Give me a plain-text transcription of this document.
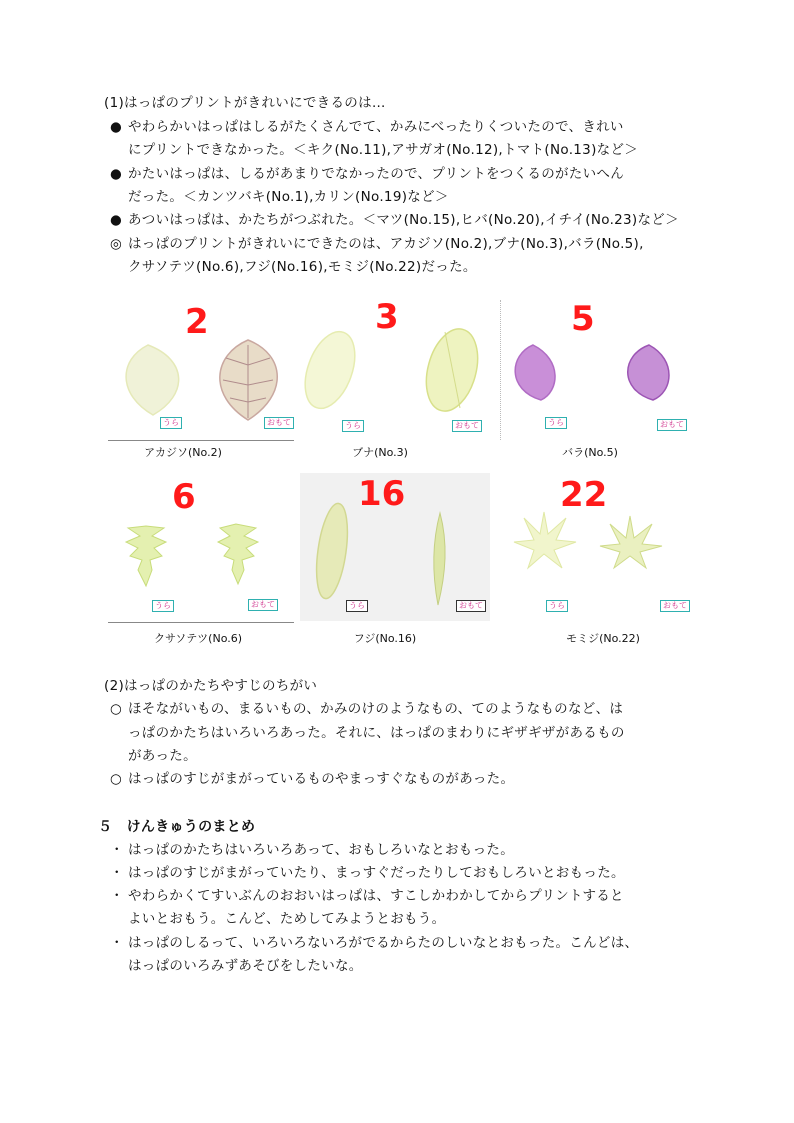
(1)はっぱのプリントがきれいにできるのは…
● やわらかいはっぱはしるがたくさんでて、かみにべったりくついたので、きれい
にプリントできなかった。＜キク(No.11),アサガオ(No.12),トマト(No.13)など＞
● かたいはっぱは、しるがあまりでなかったので、プリントをつくるのがたいへん
だった。＜カンツバキ(No.1),カリン(No.19)など＞
● あついはっぱは、かたちがつぶれた。＜マツ(No.15),ヒバ(No.20),イチイ(No.23)など＞
◎ はっぱのプリントがきれいにできたのは、アカジソ(No.2),ブナ(No.3),バラ(No.5),
クサソテツ(No.6),フジ(No.16),モミジ(No.22)だった。
2
うら	おもて
アカジソ(No.2)
3
うら	おもて
ブナ(No.3)
5
うら	おもて
バラ(No.5)
6
うら	おもて
クサソテツ(No.6)
16
うら	おもて
フジ(No.16)
22
うら	おもて
モミジ(No.22)
(2)はっぱのかたちやすじのちがい
○ ほそながいもの、まるいもの、かみのけのようなもの、てのようなものなど、は
っぱのかたちはいろいろあった。それに、はっぱのまわりにギザギザがあるもの
があった。
○ はっぱのすじがまがっているものやまっすぐなものがあった。
５　けんきゅうのまとめ
・ はっぱのかたちはいろいろあって、おもしろいなとおもった。
・ はっぱのすじがまがっていたり、まっすぐだったりしておもしろいとおもった。
・ やわらかくてすいぶんのおおいはっぱは、すこしかわかしてからプリントすると
よいとおもう。こんど、ためしてみようとおもう。
・ はっぱのしるって、いろいろないろがでるからたのしいなとおもった。こんどは、
はっぱのいろみずあそびをしたいな。
